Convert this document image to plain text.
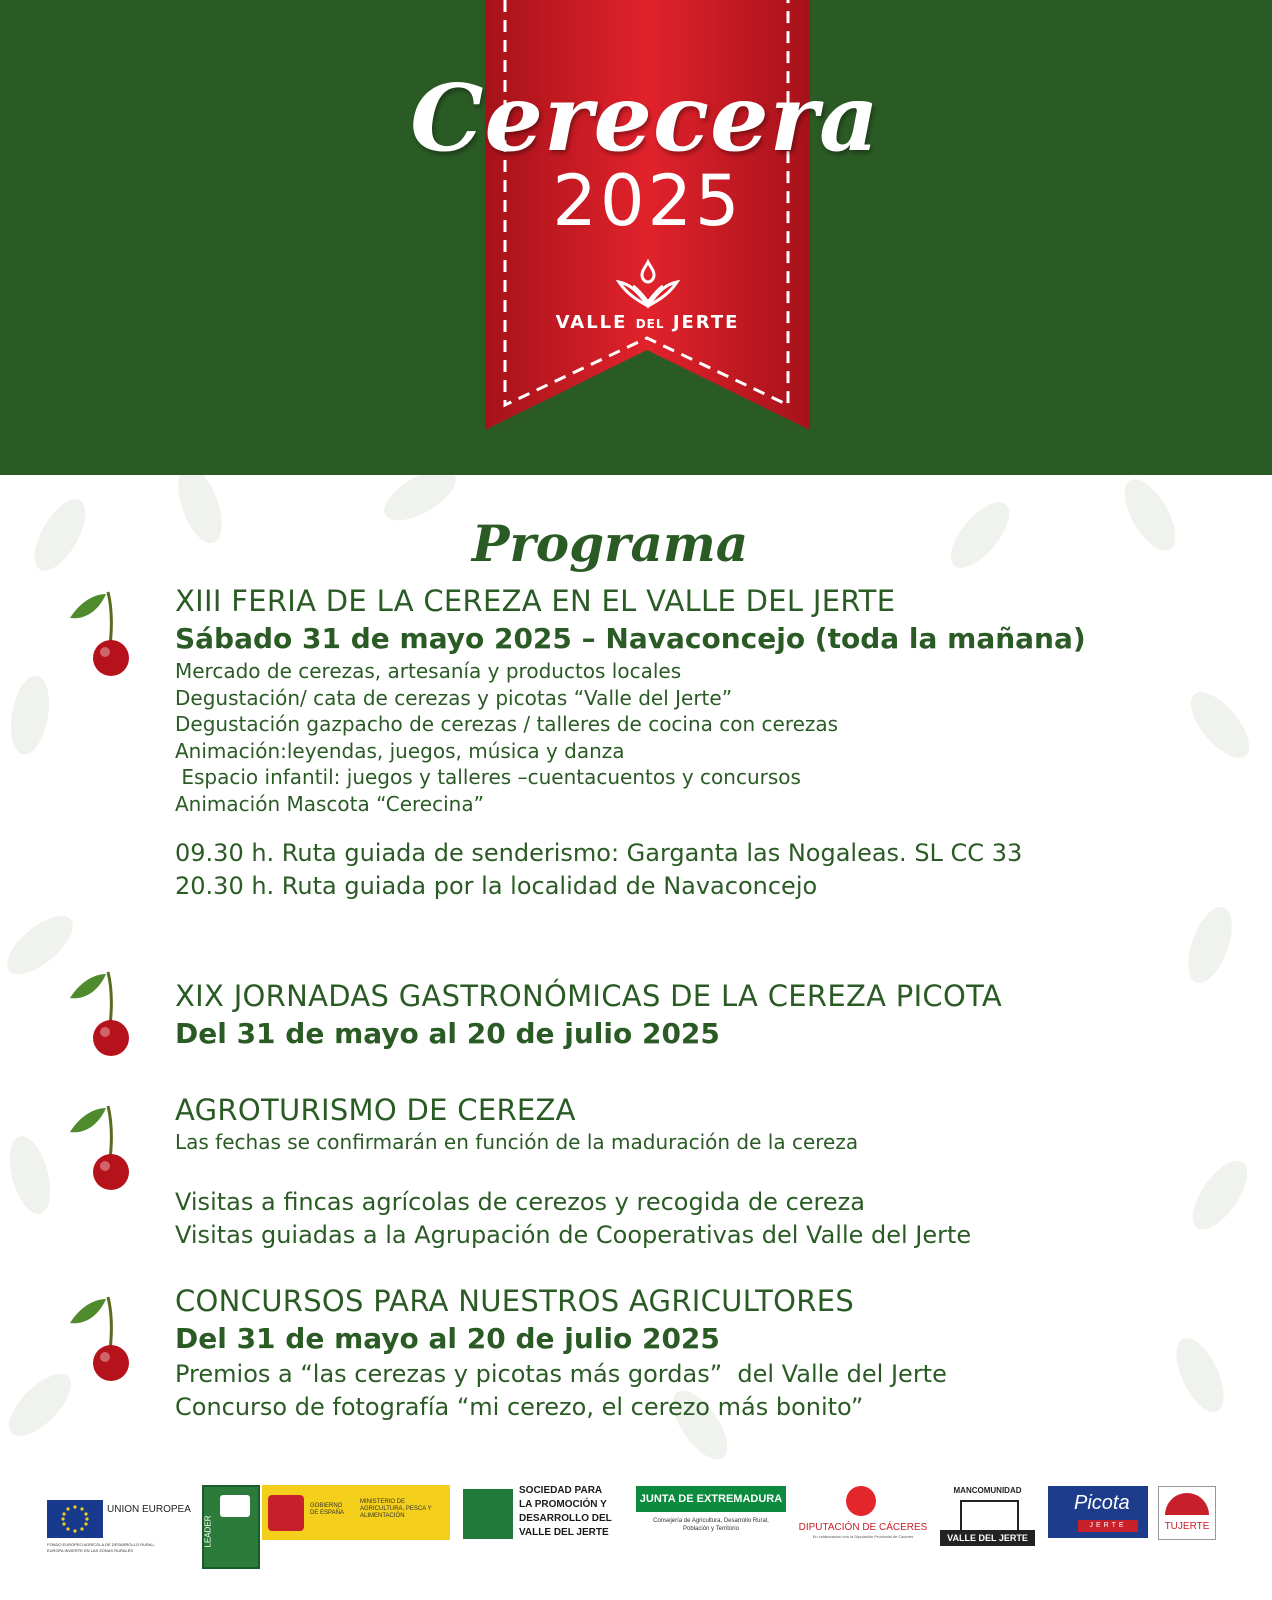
Cerecera
2025
VALLE DEL JERTE
Programa

XIII FERIA DE LA CEREZA EN EL VALLE DEL JERTE

Sábado 31 de mayo 2025 – Navaconcejo (toda la mañana)

Mercado de cerezas, artesanía y productos locales

Degustación/ cata de cerezas y picotas “Valle del Jerte”

Degustación gazpacho de cerezas / talleres de cocina con cerezas

Animación:leyendas, juegos, música y danza

Espacio infantil: juegos y talleres –cuentacuentos y concursos

Animación Mascota “Cerecina”

09.30 h. Ruta guiada de senderismo: Garganta las Nogaleas. SL CC 33

20.30 h. Ruta guiada por la localidad de Navaconcejo

XIX JORNADAS GASTRONÓMICAS DE LA CEREZA PICOTA

Del 31 de mayo al 20 de julio 2025

AGROTURISMO DE CEREZA

Las fechas se confirmarán en función de la maduración de la cereza

Visitas a fincas agrícolas de cerezos y recogida de cereza

Visitas guiadas a la Agrupación de Cooperativas del Valle del Jerte

CONCURSOS PARA NUESTROS AGRICULTORES

Del 31 de mayo al 20 de julio 2025

Premios a “las cerezas y picotas más gordas”  del Valle del Jerte

Concurso de fotografía “mi cerezo, el cerezo más bonito”

UNION EUROPEA
FONDO EUROPEO AGRÍCOLA DE DESARROLLO RURAL:
EUROPA INVIERTE EN LAS ZONAS RURALES
LEADER
GOBIERNO DE ESPAÑA
MINISTERIO DE AGRICULTURA, PESCA Y ALIMENTACIÓN
SOCIEDAD PARA
LA PROMOCIÓN Y
DESARROLLO DEL
VALLE DEL JERTE
JUNTA DE EXTREMADURA
Consejería de Agricultura, Desarrollo Rural,
Población y Territorio	DIPUTACIÓN DE CÁCERES
En colaboración con la Diputación Provincial de Cáceres
MANCOMUNIDAD
VALLE DEL JERTE
Picota
JERTE	TUJERTE
